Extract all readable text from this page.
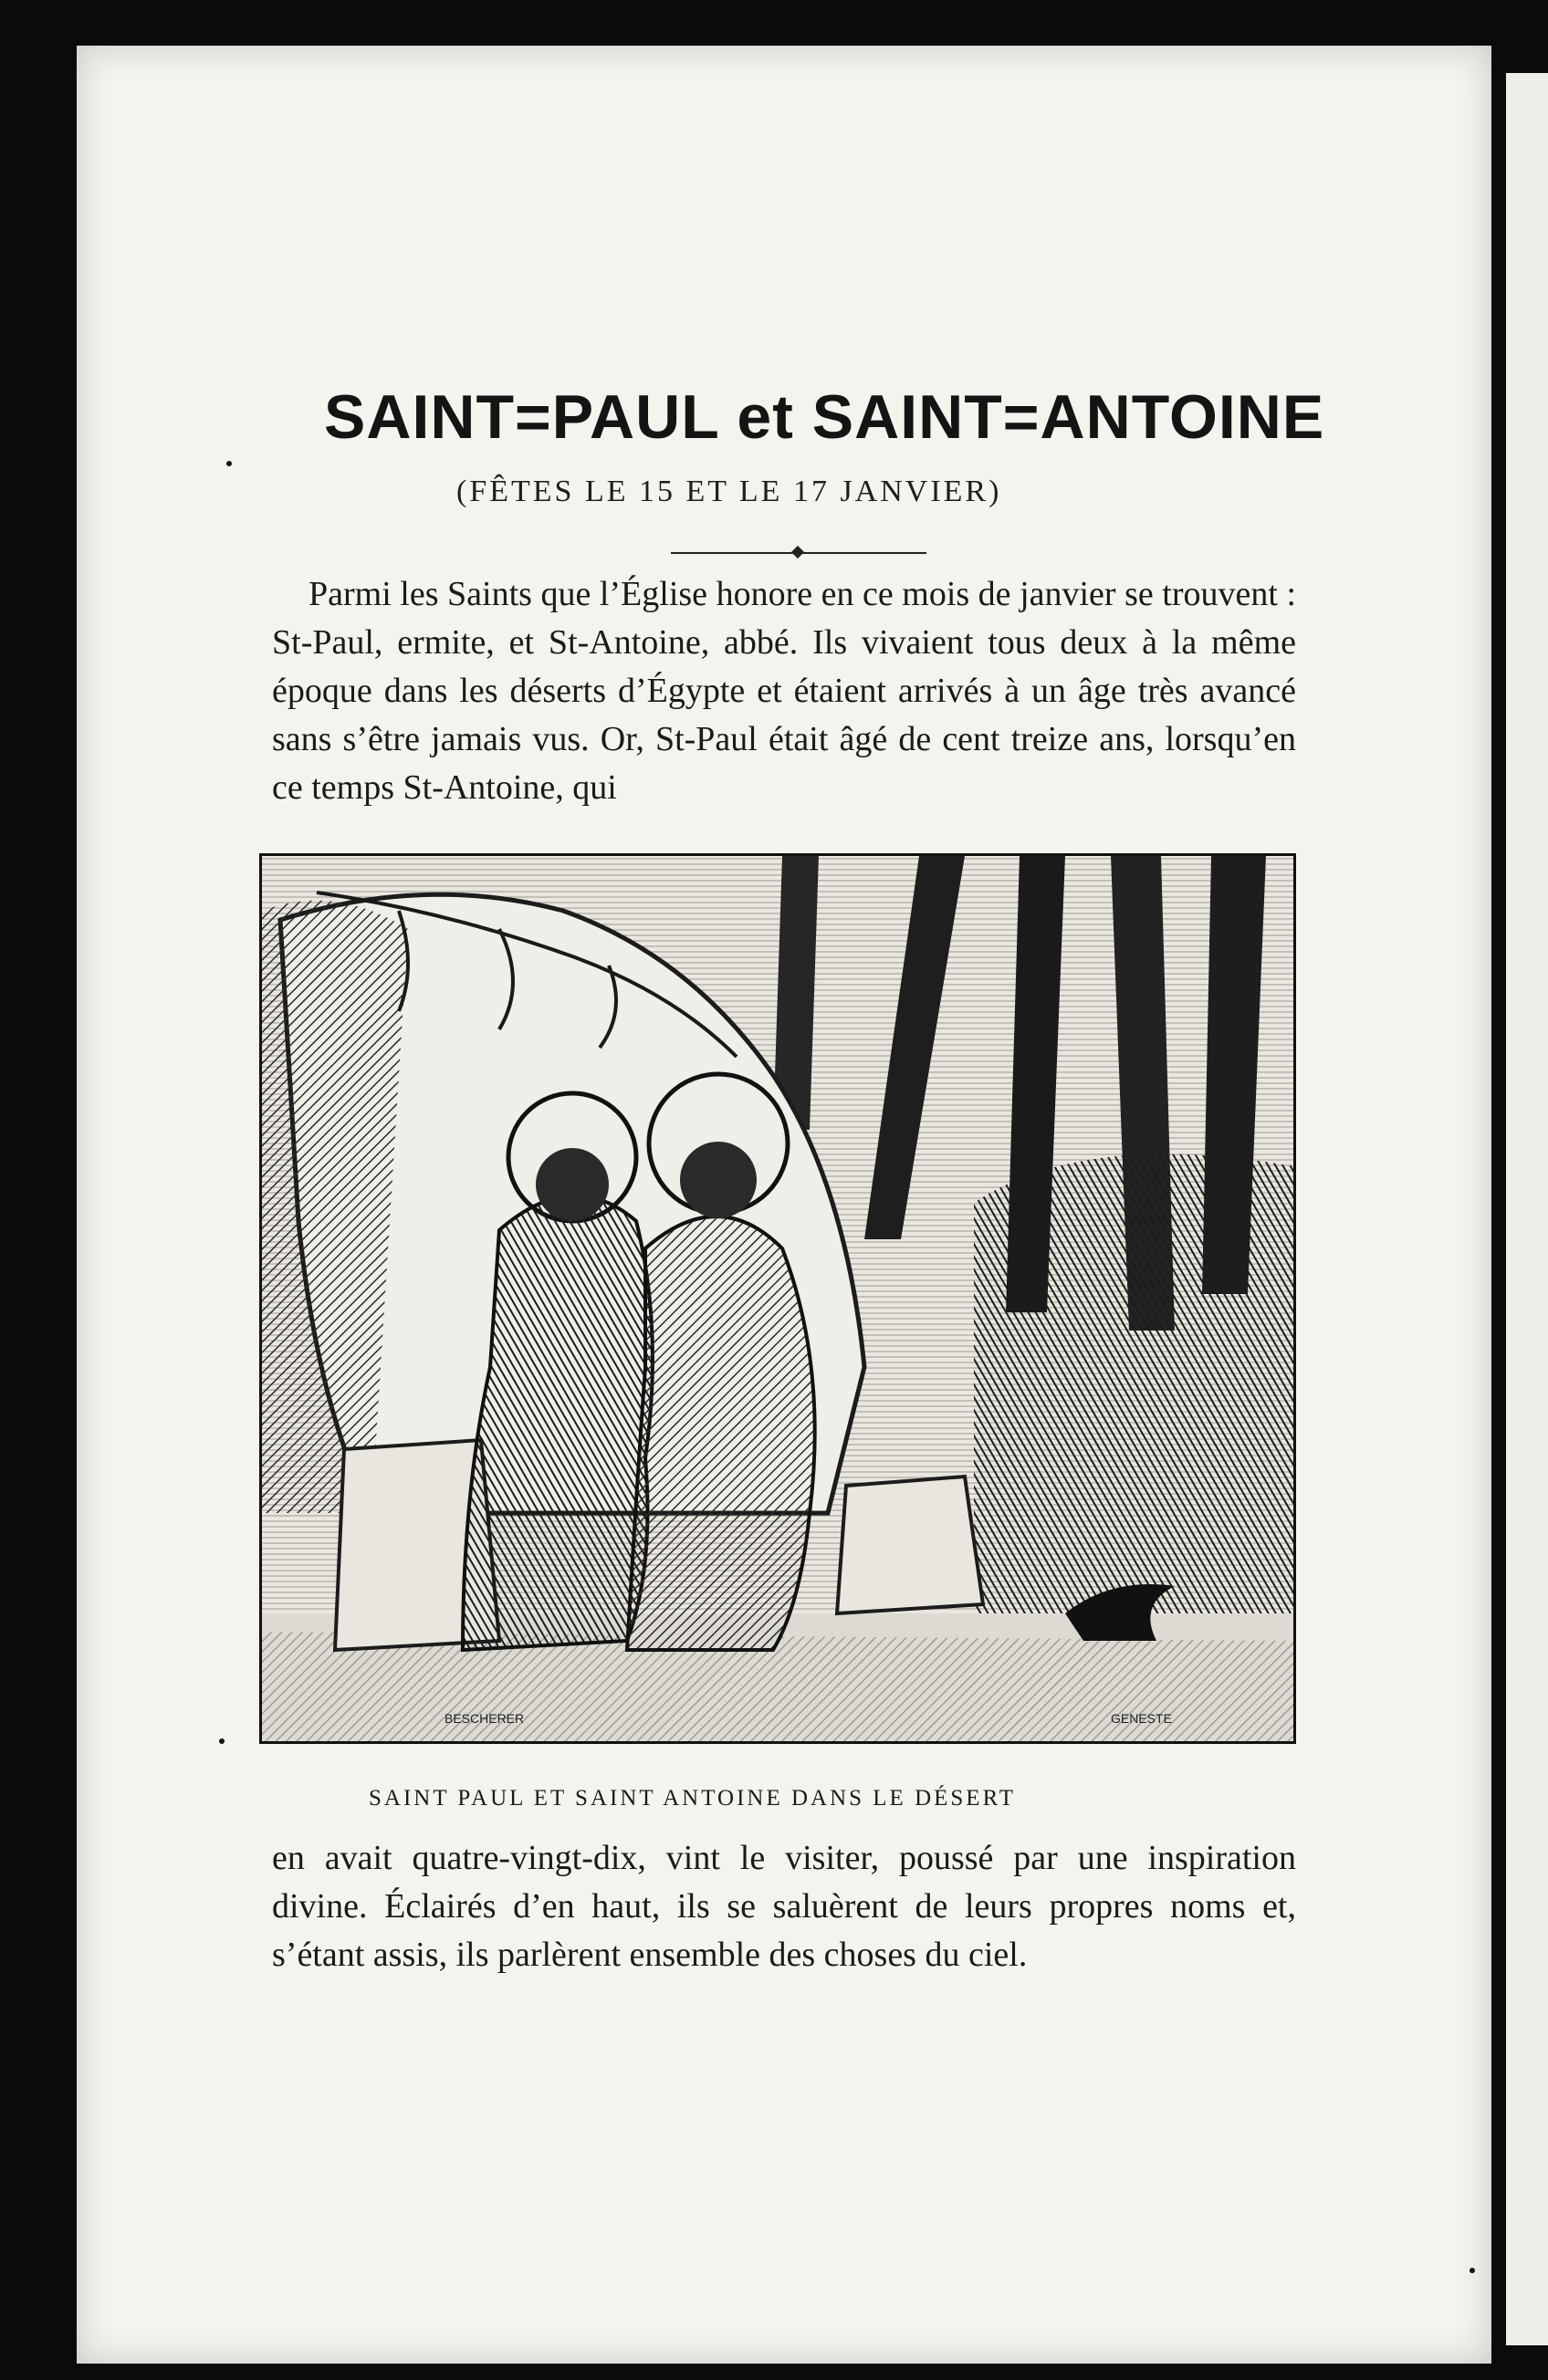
SAINT=PAUL et SAINT=ANTOINE

(FÊTES LE 15 ET LE 17 JANVIER)

Parmi les Saints que l’Église honore en ce mois de janvier se trouvent : St-Paul, ermite, et St-Antoine, abbé. Ils vivaient tous deux à la même époque dans les déserts d’Égypte et étaient arrivés à un âge très avancé sans s’être jamais vus. Or, St-Paul était âgé de cent treize ans, lorsqu’en ce temps St-Antoine, qui

BESCHERER	GENESTE

SAINT PAUL ET SAINT ANTOINE DANS LE DÉSERT

en avait quatre-vingt-dix, vint le visiter, poussé par une inspiration divine. Éclairés d’en haut, ils se saluèrent de leurs propres noms et, s’étant assis, ils parlèrent ensemble des choses du ciel.
